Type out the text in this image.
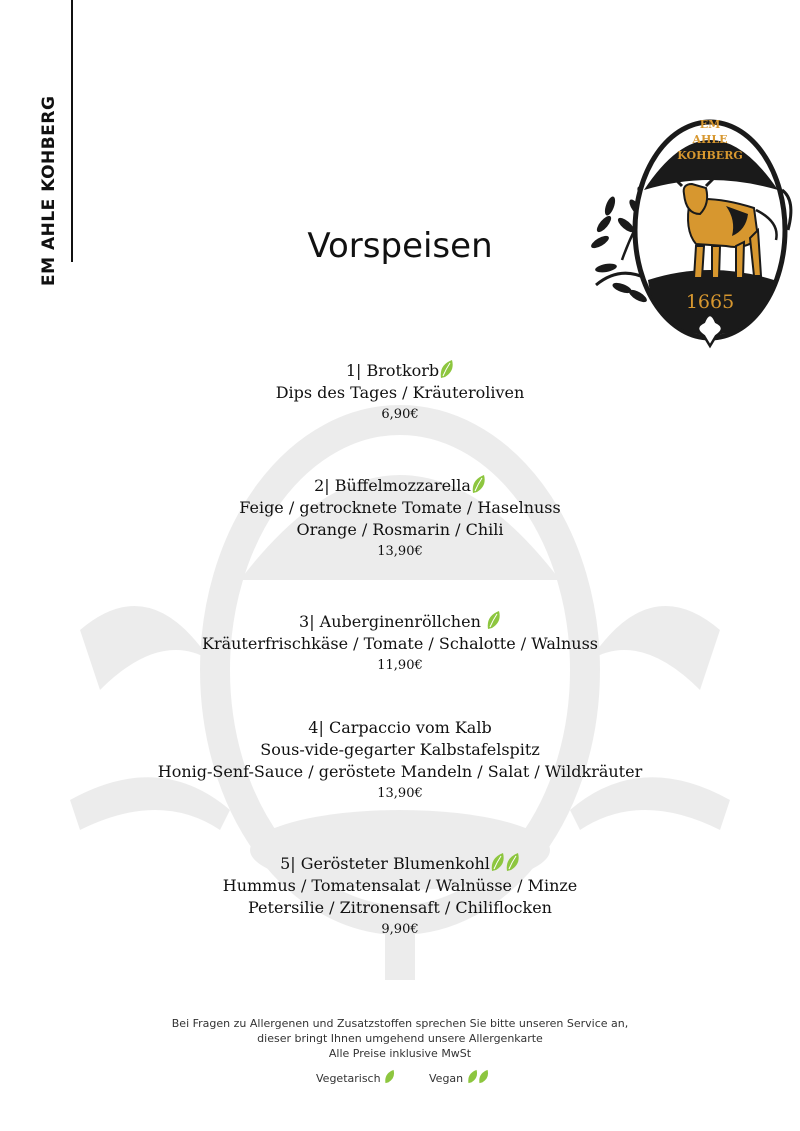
EM AHLE KOHBERG	EM
AHLE
KOHBERG
1665
Vorspeisen
1| Brotkorb
Dips des Tages / Kräuteroliven
6,90€
2| Büffelmozzarella
Feige / getrocknete Tomate / Haselnuss
Orange / Rosmarin / Chili
13,90€
3| Auberginenröllchen
Kräuterfrischkäse / Tomate / Schalotte / Walnuss
11,90€
4| Carpaccio vom Kalb
Sous-vide-gegarter Kalbstafelspitz
Honig-Senf-Sauce / geröstete Mandeln / Salat / Wildkräuter
13,90€
5| Gerösteter Blumenkohl
Hummus / Tomatensalat / Walnüsse / Minze
Petersilie / Zitronensaft / Chiliflocken
9,90€
Bei Fragen zu Allergenen und Zusatzstoffen sprechen Sie bitte unseren Service an,
dieser bringt Ihnen umgehend unsere Allergenkarte
Alle Preise inklusive MwSt
Vegetarisch	Vegan
